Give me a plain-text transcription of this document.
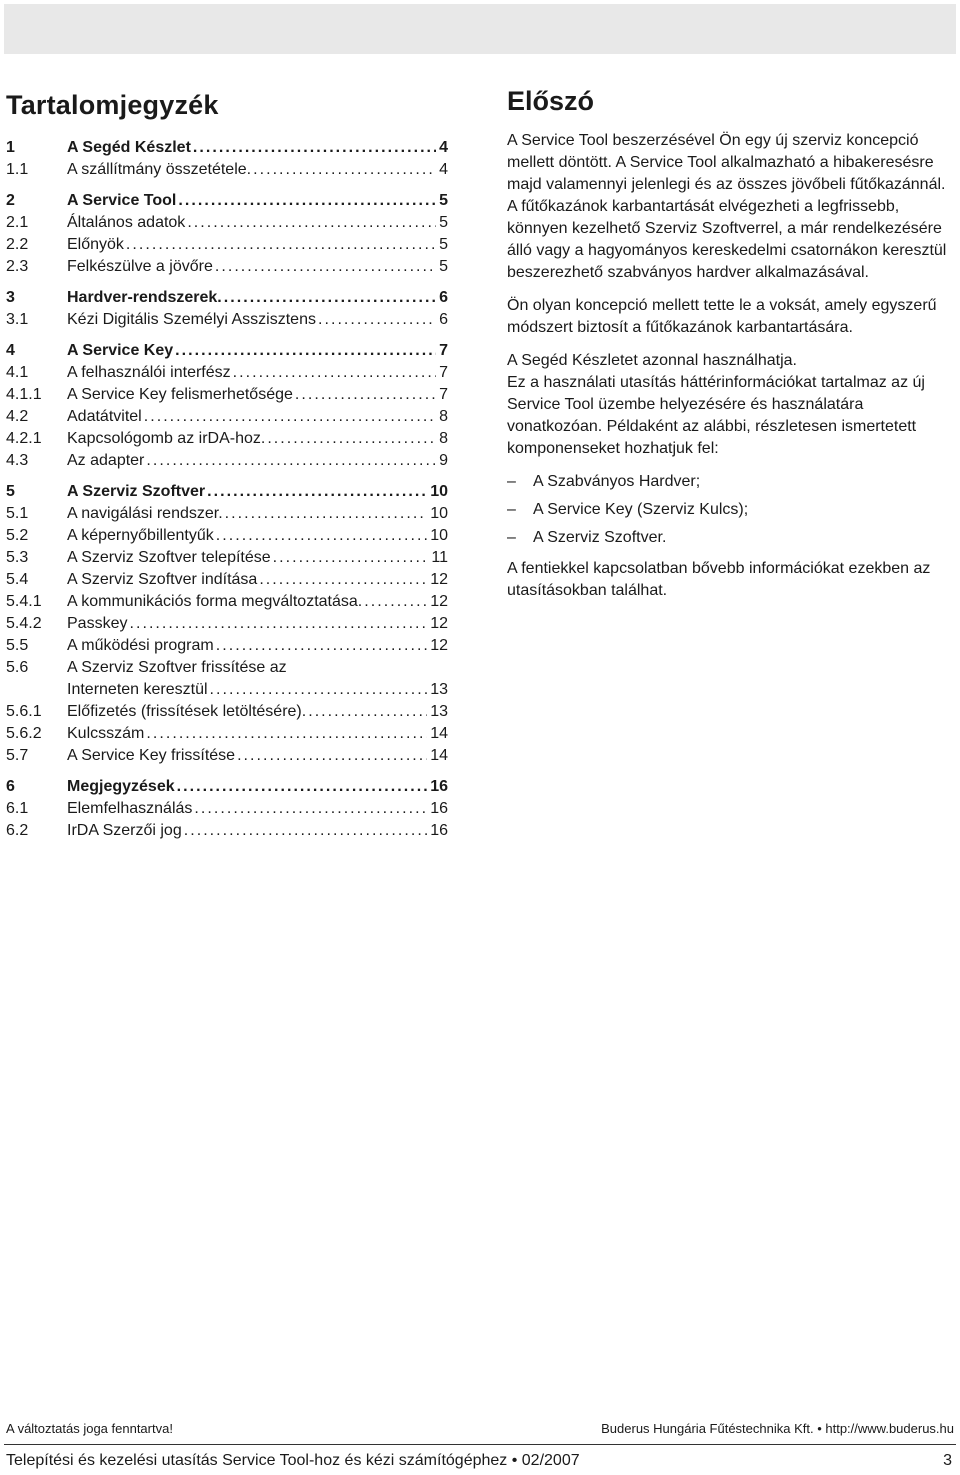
Tartalomjegyzék
1	A Segéd Készlet . . .	4
1.1	A szállítmány összetétele. . . .	4
2	A Service Tool . . .	5
2.1	Általános adatok . . .	5
2.2	Előnyök . . .	5
2.3	Felkészülve a jövőre . . .	5
3	Hardver-rendszerek. . . .	6
3.1	Kézi Digitális Személyi Asszisztens . . .	6
4	A Service Key . . .	7
4.1	A felhasználói interfész . . .	7
4.1.1	A Service Key felismerhetősége . . .	7
4.2	Adatátvitel . . .	8
4.2.1	Kapcsológomb az irDA-hoz. . . .	8
4.3	Az adapter . . .	9
5	A Szerviz Szoftver . . .	10
5.1	A navigálási rendszer. . . .	10
5.2	A képernyőbillentyűk . . .	10
5.3	A Szerviz Szoftver telepítése . . .	11
5.4	A Szerviz Szoftver indítása . . .	12
5.4.1	A kommunikációs forma megváltoztatása. . . .	12
5.4.2	Passkey . . .	12
5.5	A működési program . . .	12
5.6	A Szerviz Szoftver frissítése az
Interneten keresztül . . .	13
5.6.1	Előfizetés (frissítések letöltésére). . . .	13
5.6.2	Kulcsszám . . .	14
5.7	A Service Key frissítése . . .	14
6	Megjegyzések . . .	16
6.1	Elemfelhasználás . . .	16
6.2	IrDA Szerzői jog . . .	16
Előszó

A Service Tool beszerzésével Ön egy új szerviz koncepció mellett döntött. A Service Tool alkalmazható a hibakeresésre majd valamennyi jelenlegi és az összes jövőbeli fűtőkazánnál.
A fűtőkazánok karbantartását elvégezheti a legfrissebb, könnyen kezelhető Szerviz Szoftverrel, a már rendelkezésére álló vagy a hagyományos kereskedelmi csatornákon keresztül beszerezhető szabványos hardver alkalmazásával.

Ön olyan koncepció mellett tette le a voksát, amely egyszerű módszert biztosít a fűtőkazánok karbantartására.

A Segéd Készletet azonnal használhatja.
Ez a használati utasítás háttérinformációkat tartalmaz az új Service Tool üzembe helyezésére és használatára vonatkozóan. Példaként az alábbi, részletesen ismertetett komponenseket hozhatjuk fel:

–	A Szabványos Hardver;
–	A Service Key (Szerviz Kulcs);
–	A Szerviz Szoftver.

A fentiekkel kapcsolatban bővebb információkat ezekben az utasításokban találhat.

A változtatás joga fenntartva!	Buderus Hungária Fűtéstechnika Kft. • http://www.buderus.hu
Telepítési és kezelési utasítás Service Tool-hoz és kézi számítógéphez • 02/2007	3
